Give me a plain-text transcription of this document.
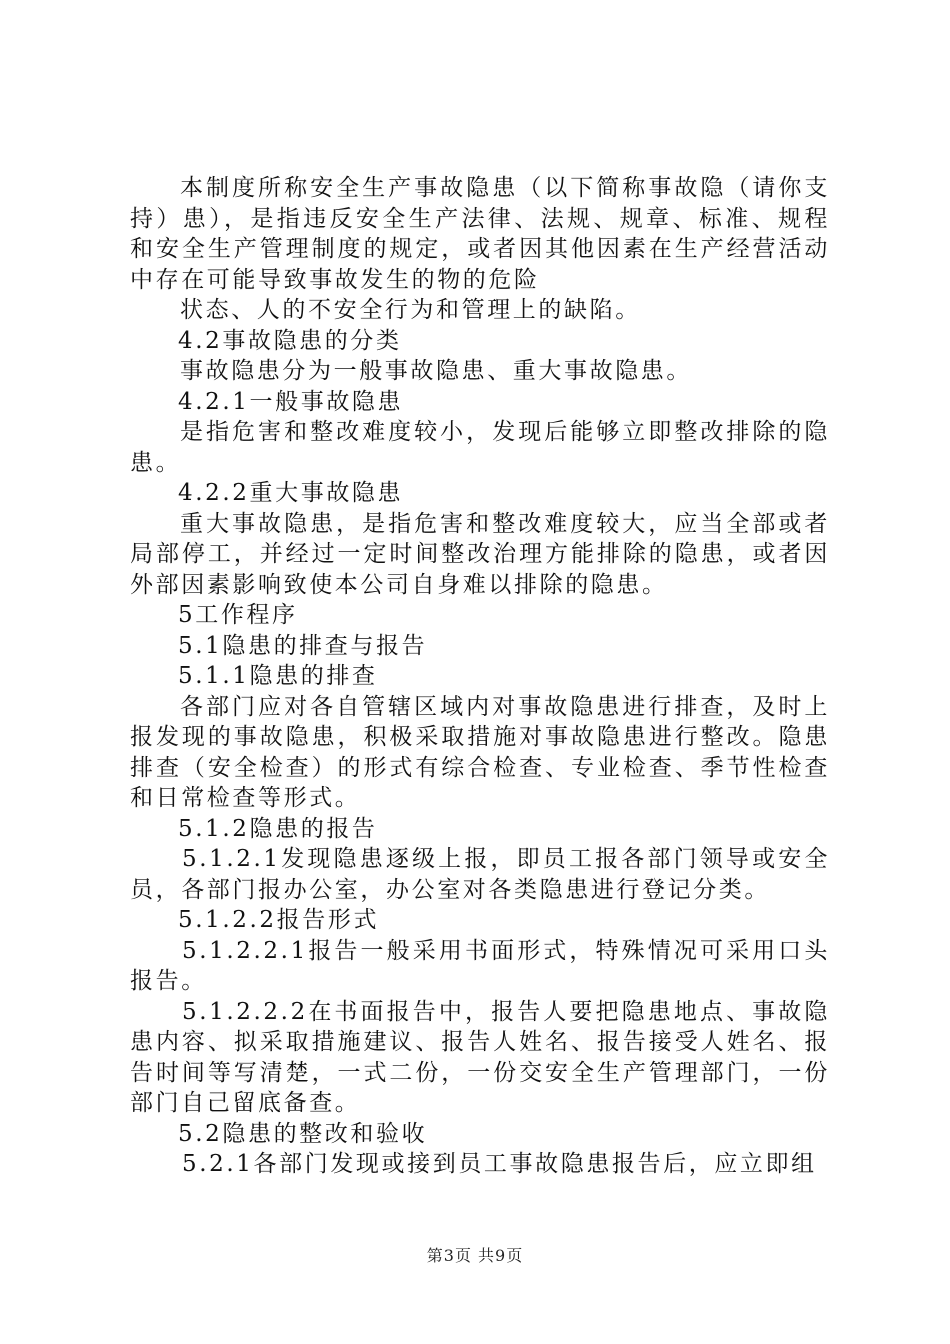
本制度所称安全生产事故隐患（以下简称事故隐（请你支持）患），是指违反安全生产法律、法规、规章、标准、规程和安全生产管理制度的规定，或者因其他因素在生产经营活动中存在可能导致事故发生的物的危险

状态、人的不安全行为和管理上的缺陷。

4.2事故隐患的分类

事故隐患分为一般事故隐患、重大事故隐患。

4.2.1一般事故隐患

是指危害和整改难度较小，发现后能够立即整改排除的隐患。

4.2.2重大事故隐患

重大事故隐患，是指危害和整改难度较大，应当全部或者局部停工，并经过一定时间整改治理方能排除的隐患，或者因外部因素影响致使本公司自身难以排除的隐患。

5工作程序

5.1隐患的排查与报告

5.1.1隐患的排查

各部门应对各自管辖区域内对事故隐患进行排查，及时上报发现的事故隐患，积极采取措施对事故隐患进行整改。隐患排查（安全检查）的形式有综合检查、专业检查、季节性检查和日常检查等形式。

5.1.2隐患的报告

5.1.2.1发现隐患逐级上报，即员工报各部门领导或安全员，各部门报办公室，办公室对各类隐患进行登记分类。

5.1.2.2报告形式

5.1.2.2.1报告一般采用书面形式，特殊情况可采用口头报告。

5.1.2.2.2在书面报告中，报告人要把隐患地点、事故隐患内容、拟采取措施建议、报告人姓名、报告接受人姓名、报告时间等写清楚，一式二份，一份交安全生产管理部门，一份部门自己留底备查。

5.2隐患的整改和验收

5.2.1各部门发现或接到员工事故隐患报告后，应立即组

第3页 共9页
